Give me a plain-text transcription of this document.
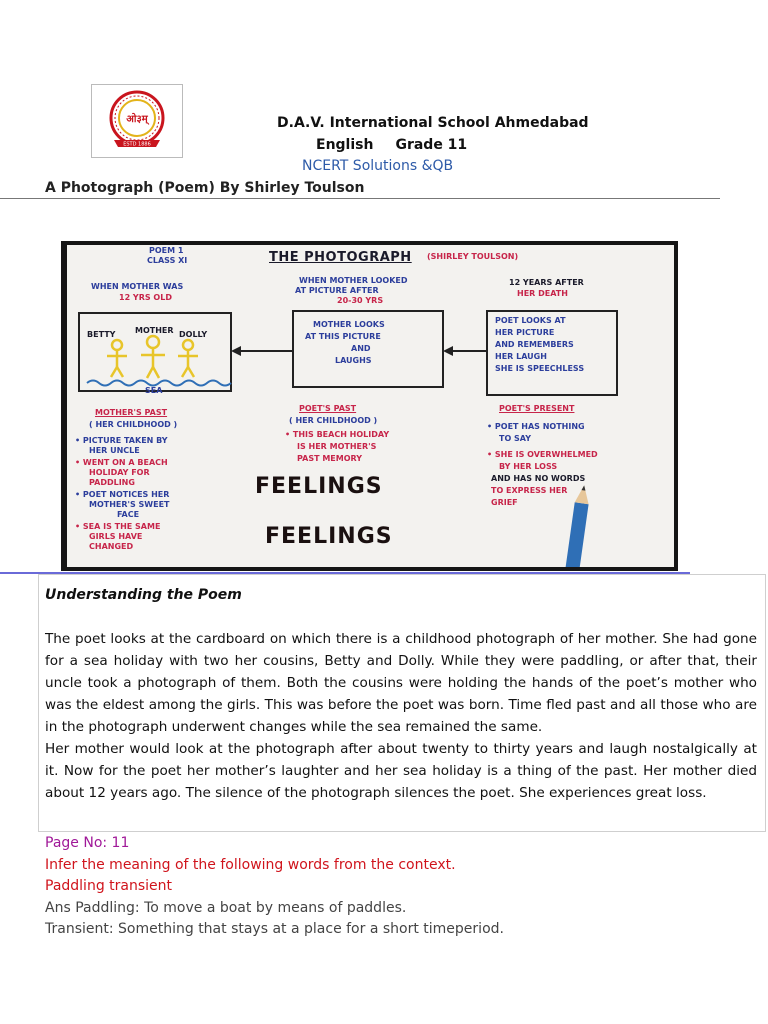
ओ३म्
ESTD 1886
D.A.V. International School Ahmedabad
English Grade 11
NCERT Solutions &QB
A Photograph (Poem) By Shirley Toulson
POEM 1
CLASS XI	THE PHOTOGRAPH (SHIRLEY TOULSON)
WHEN MOTHER WAS
12 YRS OLD
WHEN MOTHER LOOKED
AT PICTURE AFTER
20-30 YRS
12 YEARS AFTER
HER DEATH
BETTY MOTHER DOLLY
SEA
MOTHER LOOKS
AT THIS PICTURE
AND
LAUGHS
POET LOOKS AT
HER PICTURE
AND REMEMBERS
HER LAUGH
SHE IS SPEECHLESS
MOTHER'S PAST
( HER CHILDHOOD )
• PICTURE TAKEN BY
HER UNCLE
• WENT ON A BEACH
HOLIDAY FOR
PADDLING
• POET NOTICES HER
MOTHER'S SWEET
FACE
• SEA IS THE SAME
GIRLS HAVE
CHANGED
POET'S PAST
( HER CHILDHOOD )
• THIS BEACH HOLIDAY
IS HER MOTHER'S
PAST MEMORY
POET'S PRESENT
• POET HAS NOTHING
TO SAY
• SHE IS OVERWHELMED
BY HER LOSS
AND HAS NO WORDS
TO EXPRESS HER
GRIEF
FEELINGS
FEELINGS
Understanding the Poem
The poet looks at the cardboard on which there is a childhood photograph of her mother. She had gone for a sea holiday with two her cousins, Betty and Dolly. While they were paddling, or after that, their uncle took a photograph of them. Both the cousins were holding the hands of the poet’s mother who was the eldest among the girls. This was before the poet was born. Time fled past and all those who are in the photograph underwent changes while the sea remained the same.
Her mother would look at the photograph after about twenty to thirty years and laugh nostalgically at it. Now for the poet her mother’s laughter and her sea holiday is a thing of the past. Her mother died about 12 years ago. The silence of the photograph silences the poet. She experiences great loss.
Page No: 11
Infer the meaning of the following words from the context.
Paddling transient
Ans Paddling: To move a boat by means of paddles.
Transient: Something that stays at a place for a short timeperiod.
